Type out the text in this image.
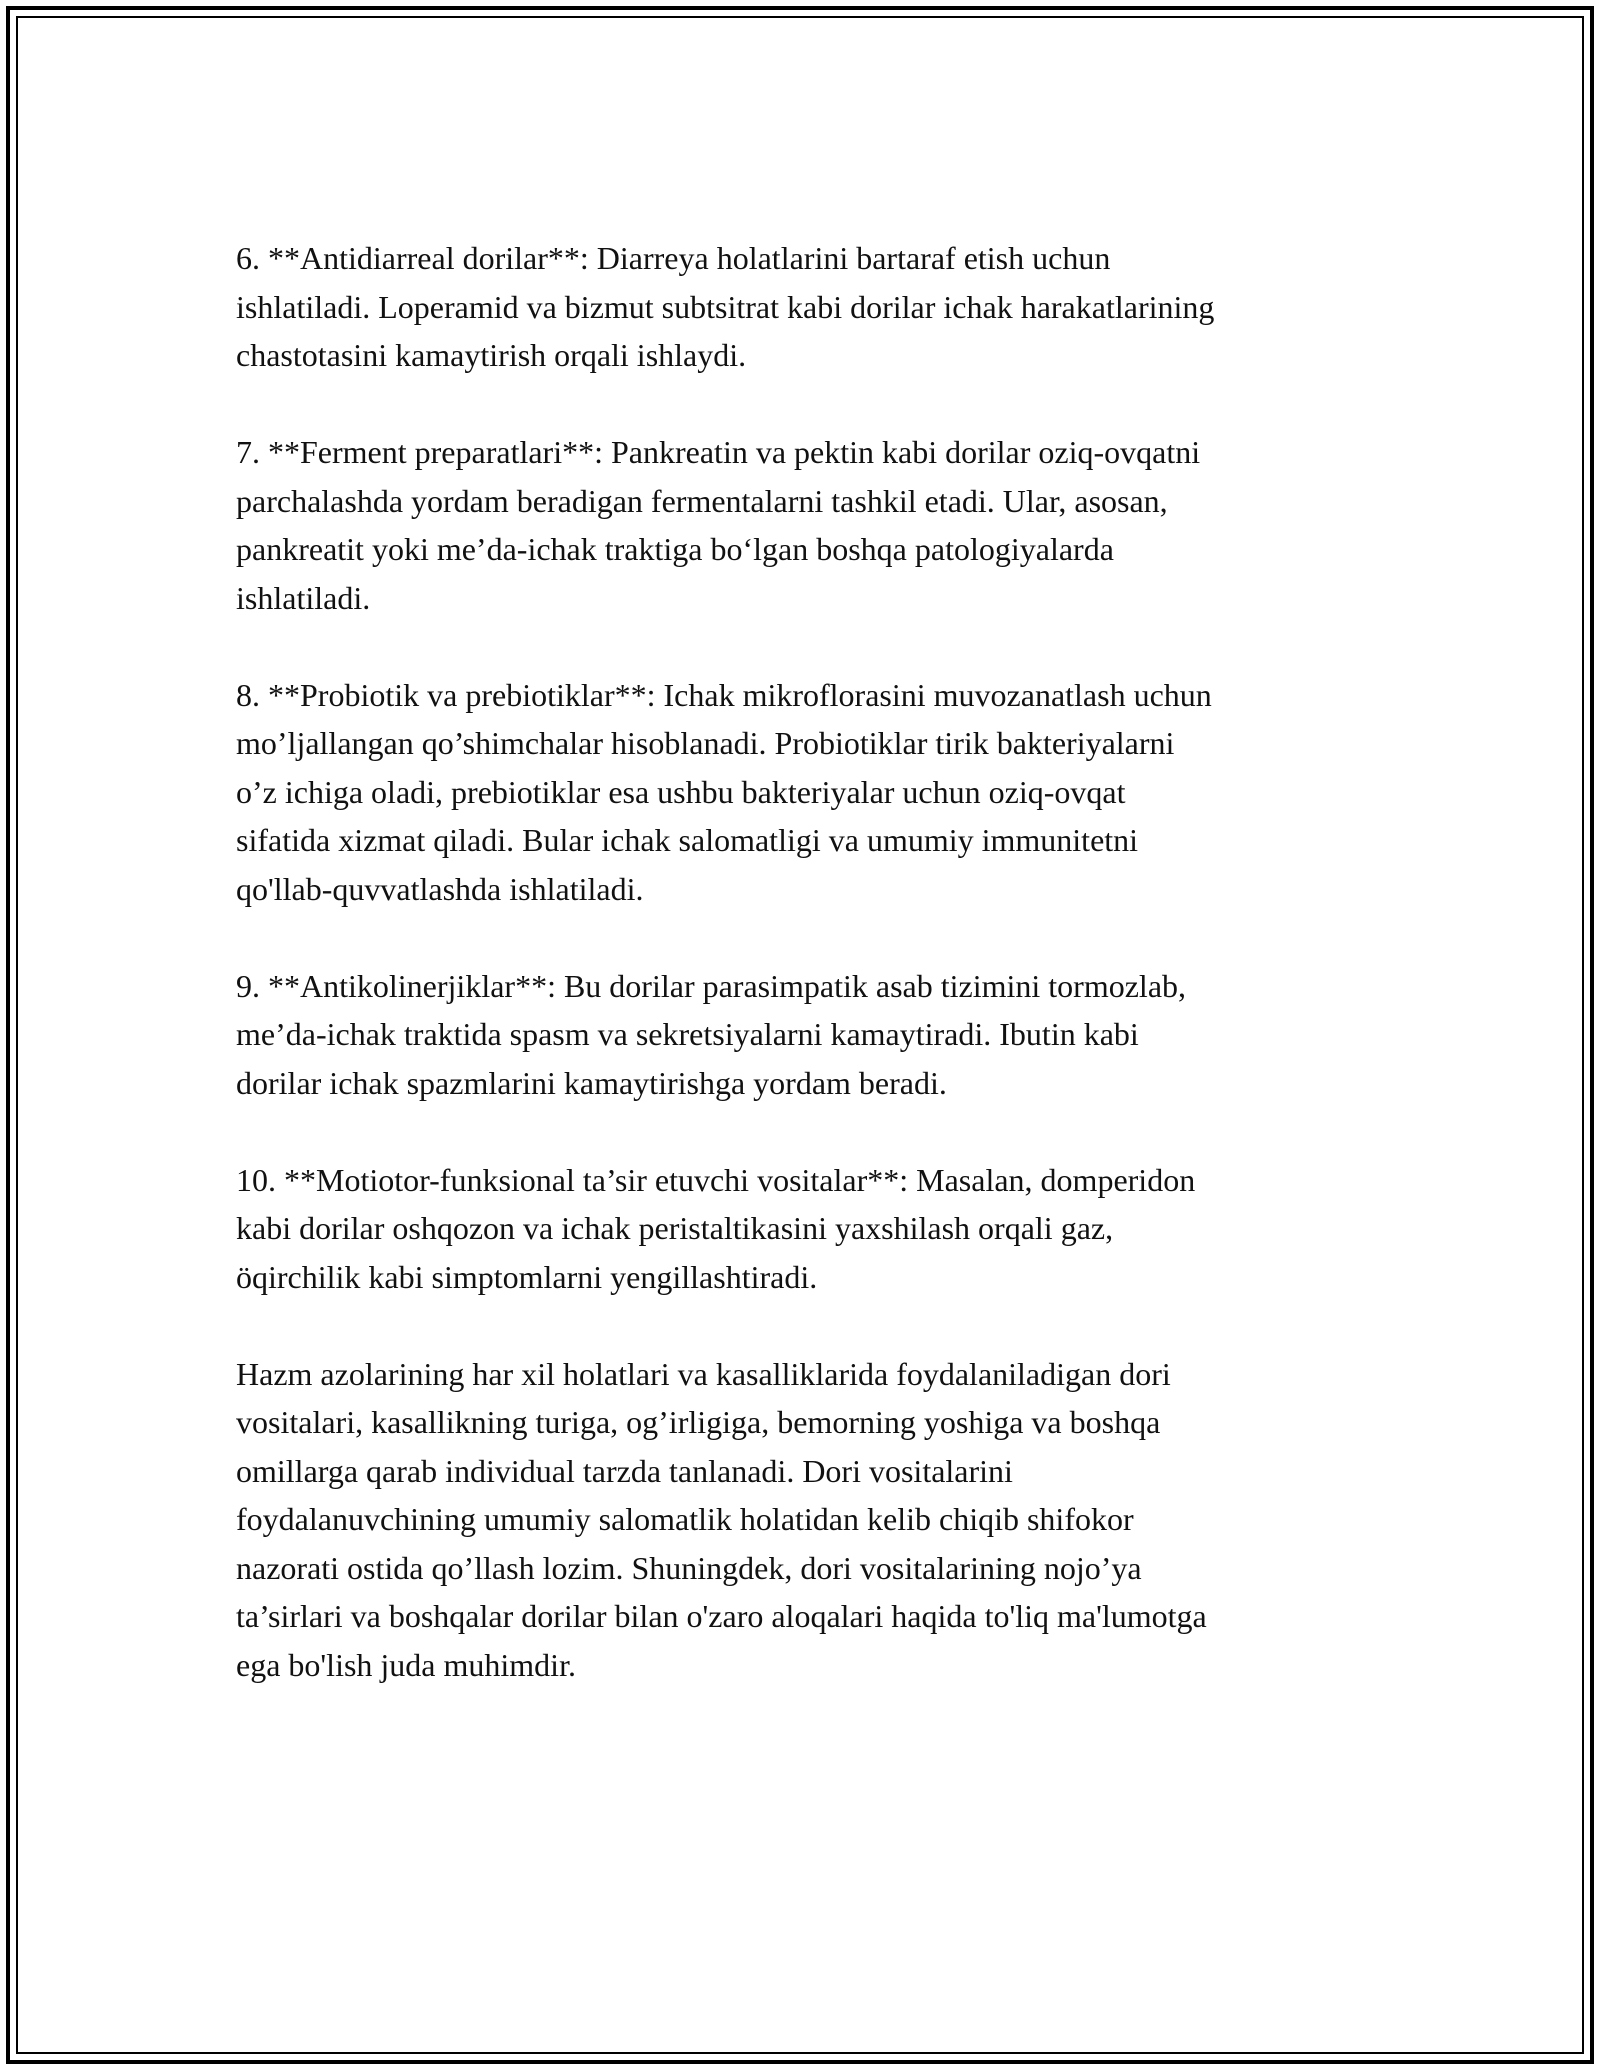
6. **Antidiarreal dorilar**: Diarreya holatlarini bartaraf etish uchun
ishlatiladi. Loperamid va bizmut subtsitrat kabi dorilar ichak harakatlarining
chastotasini kamaytirish orqali ishlaydi.

7. **Ferment preparatlari**: Pankreatin va pektin kabi dorilar oziq-ovqatni
parchalashda yordam beradigan fermentalarni tashkil etadi. Ular, asosan,
pankreatit yoki me’da-ichak traktiga bo‘lgan boshqa patologiyalarda
ishlatiladi.

8. **Probiotik va prebiotiklar**: Ichak mikroflorasini muvozanatlash uchun
mo’ljallangan qo’shimchalar hisoblanadi. Probiotiklar tirik bakteriyalarni
o’z ichiga oladi, prebiotiklar esa ushbu bakteriyalar uchun oziq-ovqat
sifatida xizmat qiladi. Bular ichak salomatligi va umumiy immunitetni
qo'llab-quvvatlashda ishlatiladi.

9. **Antikolinerjiklar**: Bu dorilar parasimpatik asab tizimini tormozlab,
me’da-ichak traktida spasm va sekretsiyalarni kamaytiradi. Ibutin kabi
dorilar ichak spazmlarini kamaytirishga yordam beradi.

10. **Motiotor-funksional ta’sir etuvchi vositalar**: Masalan, domperidon
kabi dorilar oshqozon va ichak peristaltikasini yaxshilash orqali gaz,
öqirchilik kabi simptomlarni yengillashtiradi.

Hazm azolarining har xil holatlari va kasalliklarida foydalaniladigan dori
vositalari, kasallikning turiga, og’irligiga, bemorning yoshiga va boshqa
omillarga qarab individual tarzda tanlanadi. Dori vositalarini
foydalanuvchining umumiy salomatlik holatidan kelib chiqib shifokor
nazorati ostida qo’llash lozim. Shuningdek, dori vositalarining nojo’ya
ta’sirlari va boshqalar dorilar bilan o'zaro aloqalari haqida to'liq ma'lumotga
ega bo'lish juda muhimdir.
